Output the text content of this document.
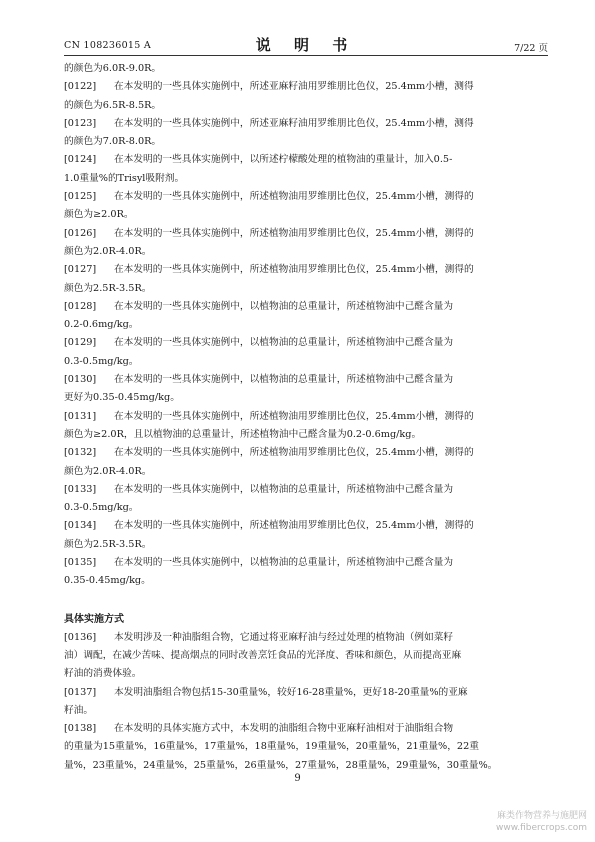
CN 108236015 A	说 明 书	7/22 页

的颜色为6.0R-9.0R。

[0122] 在本发明的一些具体实施例中，所述亚麻籽油用罗维朋比色仪，25.4mm小槽，测得

的颜色为6.5R-8.5R。

[0123] 在本发明的一些具体实施例中，所述亚麻籽油用罗维朋比色仪，25.4mm小槽，测得

的颜色为7.0R-8.0R。

[0124] 在本发明的一些具体实施例中，以所述柠檬酸处理的植物油的重量计，加入0.5-

1.0重量%的Trisyl吸附剂。

[0125] 在本发明的一些具体实施例中，所述植物油用罗维朋比色仪，25.4mm小槽，测得的

颜色为≥2.0R。

[0126] 在本发明的一些具体实施例中，所述植物油用罗维朋比色仪，25.4mm小槽，测得的

颜色为2.0R-4.0R。

[0127] 在本发明的一些具体实施例中，所述植物油用罗维朋比色仪，25.4mm小槽，测得的

颜色为2.5R-3.5R。

[0128] 在本发明的一些具体实施例中，以植物油的总重量计，所述植物油中己醛含量为

0.2-0.6mg/kg。

[0129] 在本发明的一些具体实施例中，以植物油的总重量计，所述植物油中己醛含量为

0.3-0.5mg/kg。

[0130] 在本发明的一些具体实施例中，以植物油的总重量计，所述植物油中己醛含量为

更好为0.35-0.45mg/kg。

[0131] 在本发明的一些具体实施例中，所述植物油用罗维朋比色仪，25.4mm小槽，测得的

颜色为≥2.0R，且以植物油的总重量计，所述植物油中己醛含量为0.2-0.6mg/kg。

[0132] 在本发明的一些具体实施例中，所述植物油用罗维朋比色仪，25.4mm小槽，测得的

颜色为2.0R-4.0R。

[0133] 在本发明的一些具体实施例中，以植物油的总重量计，所述植物油中己醛含量为

0.3-0.5mg/kg。

[0134] 在本发明的一些具体实施例中，所述植物油用罗维朋比色仪，25.4mm小槽，测得的

颜色为2.5R-3.5R。

[0135] 在本发明的一些具体实施例中，以植物油的总重量计，所述植物油中己醛含量为

0.35-0.45mg/kg。

具体实施方式

[0136] 本发明涉及一种油脂组合物，它通过将亚麻籽油与经过处理的植物油（例如菜籽

油）调配，在减少苦味、提高烟点的同时改善烹饪食品的光泽度、香味和颜色，从而提高亚麻

籽油的消费体验。

[0137] 本发明油脂组合物包括15-30重量%，较好16-28重量%，更好18-20重量%的亚麻

籽油。

[0138] 在本发明的具体实施方式中，本发明的油脂组合物中亚麻籽油相对于油脂组合物

的重量为15重量%，16重量%，17重量%，18重量%，19重量%，20重量%，21重量%，22重

量%，23重量%，24重量%，25重量%，26重量%，27重量%，28重量%，29重量%，30重量%。

9
麻类作物营养与施肥网
www.fibercrops.com
